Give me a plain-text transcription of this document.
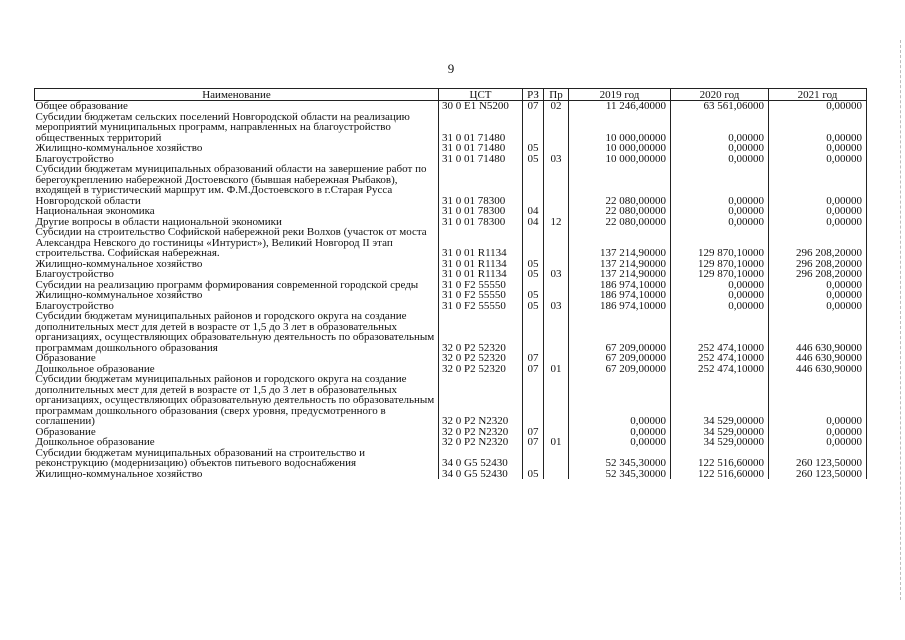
9
Наименование	ЦСТ	РЗ	Пр	2019 год	2020 год	2021 год
Общее образование	30 0 E1 N5200	07	02	11 246,40000	63 561,06000	0,00000
Субсидии бюджетам сельских поселений Новгородской области на реализацию мероприятий муниципальных программ, направленных на благоустройство общественных территорий	31 0 01 71480			10 000,00000	0,00000	0,00000
Жилищно-коммунальное хозяйство	31 0 01 71480	05		10 000,00000	0,00000	0,00000
Благоустройство	31 0 01 71480	05	03	10 000,00000	0,00000	0,00000
Субсидии бюджетам муниципальных образований области на завершение работ по берегоукреплению набережной Достоевского (бывшая набережная Рыбаков), входящей в туристический маршрут им. Ф.М.Достоевского в г.Старая Русса Новгородской области	31 0 01 78300			22 080,00000	0,00000	0,00000
Национальная экономика	31 0 01 78300	04		22 080,00000	0,00000	0,00000
Другие вопросы в области национальной экономики	31 0 01 78300	04	12	22 080,00000	0,00000	0,00000
Субсидии на строительство Софийской набережной реки Волхов (участок от моста Александра Невского до гостиницы «Интурист»), Великий Новгород II этап строительства. Софийская набережная.	31 0 01 R1134			137 214,90000	129 870,10000	296 208,20000
Жилищно-коммунальное хозяйство	31 0 01 R1134	05		137 214,90000	129 870,10000	296 208,20000
Благоустройство	31 0 01 R1134	05	03	137 214,90000	129 870,10000	296 208,20000
Субсидии на реализацию программ формирования современной городской среды	31 0 F2 55550			186 974,10000	0,00000	0,00000
Жилищно-коммунальное хозяйство	31 0 F2 55550	05		186 974,10000	0,00000	0,00000
Благоустройство	31 0 F2 55550	05	03	186 974,10000	0,00000	0,00000
Субсидии бюджетам муниципальных районов и городского округа на создание дополнительных мест для детей в возрасте от 1,5 до 3 лет в образовательных организациях, осуществляющих образовательную деятельность по образовательным программам дошкольного образования	32 0 P2 52320			67 209,00000	252 474,10000	446 630,90000
Образование	32 0 P2 52320	07		67 209,00000	252 474,10000	446 630,90000
Дошкольное образование	32 0 P2 52320	07	01	67 209,00000	252 474,10000	446 630,90000
Субсидии бюджетам муниципальных районов и городского округа на создание дополнительных мест для детей в возрасте от 1,5 до 3 лет в образовательных организациях, осуществляющих образовательную деятельность по образовательным программам дошкольного образования (сверх уровня, предусмотренного в соглашении)	32 0 P2 N2320			0,00000	34 529,00000	0,00000
Образование	32 0 P2 N2320	07		0,00000	34 529,00000	0,00000
Дошкольное образование	32 0 P2 N2320	07	01	0,00000	34 529,00000	0,00000
Субсидии бюджетам муниципальных образований на строительство и реконструкцию (модернизацию) объектов питьевого водоснабжения	34 0 G5 52430			52 345,30000	122 516,60000	260 123,50000
Жилищно-коммунальное хозяйство	34 0 G5 52430	05		52 345,30000	122 516,60000	260 123,50000
